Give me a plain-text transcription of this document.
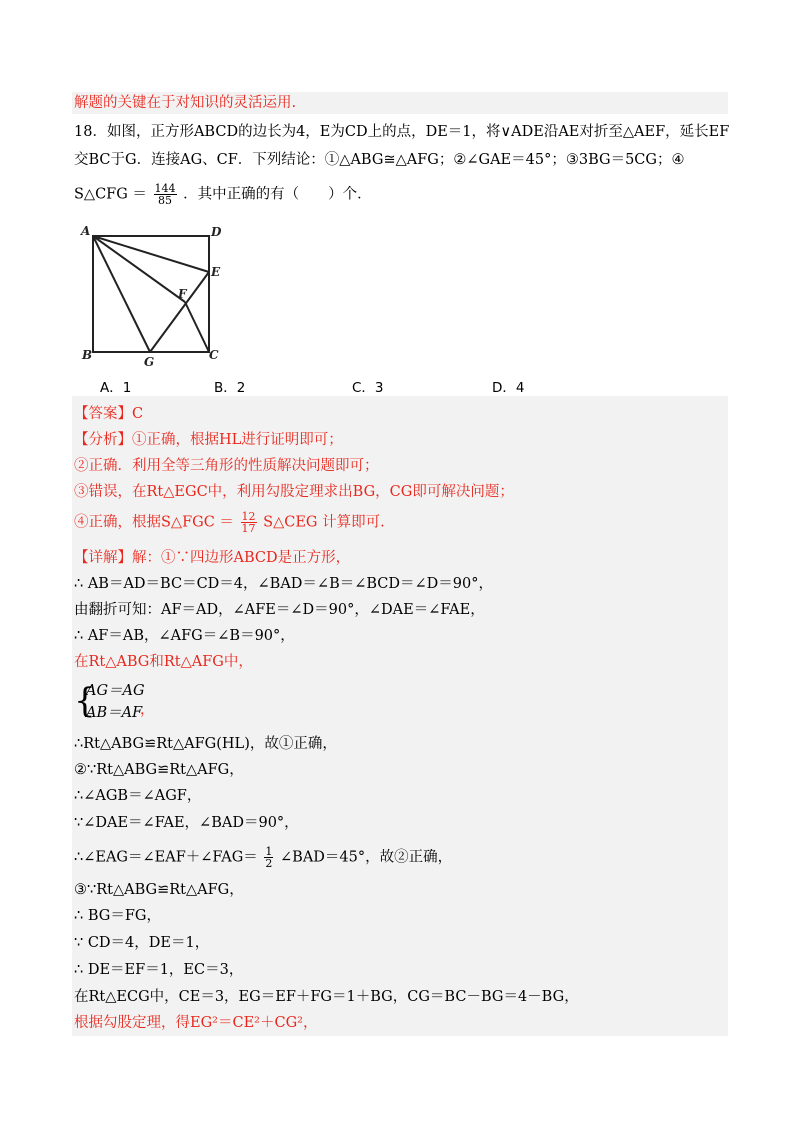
解题的关键在于对知识的灵活运用.
18．如图，正方形ABCD的边长为4，E为CD上的点，DE＝1，将∨ADE沿AE对折至△AEF，延长EF
交BC于G．连接AG、CF．下列结论：①△ABG≅△AFG；②∠GAE＝45°；③3BG＝5CG；④
S△CFG ＝ $\frac{144}{85}$ ．其中正确的有（　　）个．
A	D
E
F
B	G	C
A．1	B．2	C．3	D．4
【答案】C
【分析】①正确，根据HL进行证明即可；
②正确．利用全等三角形的性质解决问题即可；
③错误，在Rt△EGC中，利用勾股定理求出BG，CG即可解决问题；
④正确，根据S△FGC ＝ $\frac{12}{17}$ S△CEG 计算即可.
【详解】解：①∵四边形ABCD是正方形，
∴ AB＝AD＝BC＝CD＝4，∠BAD＝∠B＝∠BCD＝∠D＝90°，
由翻折可知：AF＝AD，∠AFE＝∠D＝90°，∠DAE＝∠FAE，
∴ AF＝AB，∠AFG＝∠B＝90°，
在Rt△ABG和Rt△AFG中，
{
AG＝AG
AB＝AF
，
∴Rt△ABG≌Rt△AFG(HL)，故①正确，
②∵Rt△ABG≌Rt△AFG，
∴∠AGB＝∠AGF，
∵∠DAE＝∠FAE，∠BAD＝90°，
∴∠EAG＝∠EAF＋∠FAG＝ $\frac{1}{2}$ ∠BAD＝45°，故②正确，
③∵Rt△ABG≌Rt△AFG，
∴ BG＝FG，
∵ CD＝4，DE＝1，
∴ DE＝EF＝1，EC＝3，
在Rt△ECG中，CE＝3，EG＝EF＋FG＝1＋BG，CG＝BC－BG＝4－BG，
根据勾股定理，得EG²＝CE²＋CG²，
